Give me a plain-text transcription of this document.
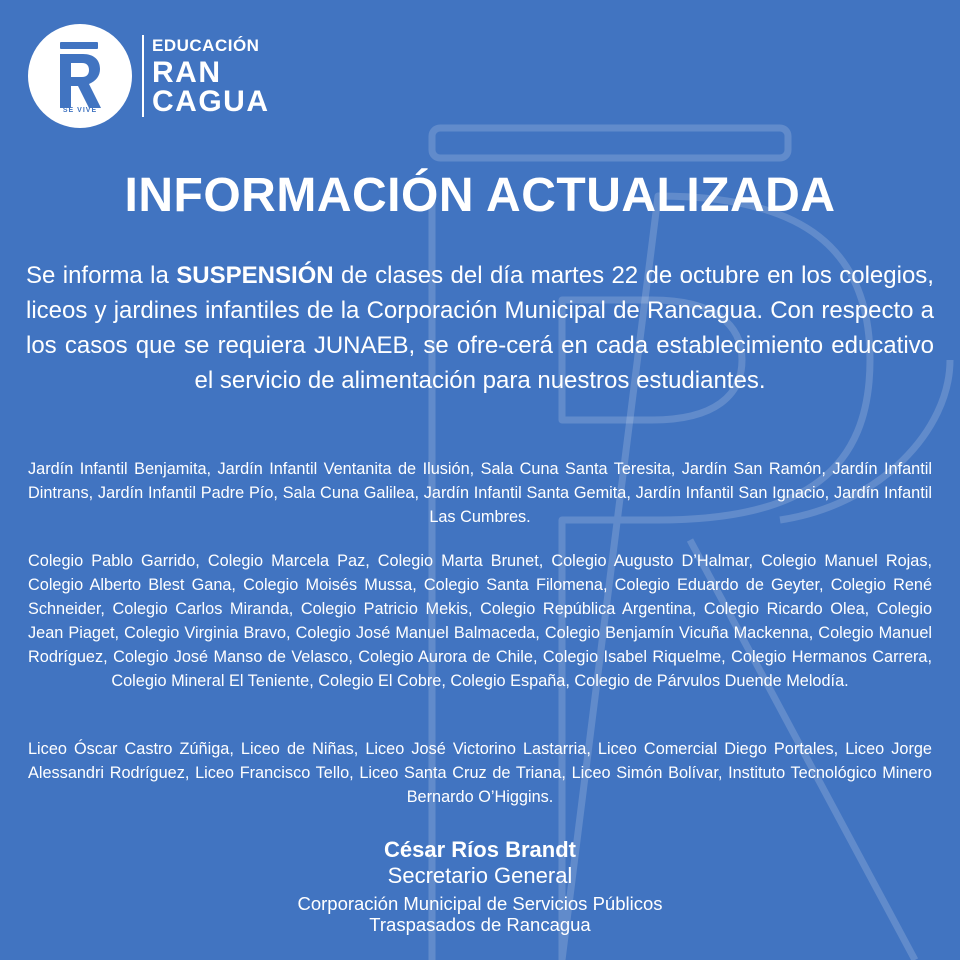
SE VIVE
EDUCACIÓN
RAN
CAGUA
INFORMACIÓN ACTUALIZADA

Se informa la SUSPENSIÓN de clases del día martes 22 de octubre en los colegios, liceos y jardines infantiles de la Corporación Municipal de Rancagua. Con respecto a los casos que se requiera JUNAEB, se ofre-cerá en cada establecimiento educativo el servicio de alimentación para nuestros estudiantes.

Jardín Infantil Benjamita, Jardín Infantil Ventanita de Ilusión, Sala Cuna Santa Teresita, Jardín San Ramón, Jardín Infantil Dintrans, Jardín Infantil Padre Pío, Sala Cuna Galilea, Jardín Infantil Santa Gemita, Jardín Infantil San Ignacio, Jardín Infantil Las Cumbres.

Colegio Pablo Garrido, Colegio Marcela Paz, Colegio Marta Brunet, Colegio Augusto D’Halmar, Colegio Manuel Rojas, Colegio Alberto Blest Gana, Colegio Moisés Mussa, Colegio Santa Filomena, Colegio Eduardo de Geyter, Colegio René Schneider, Colegio Carlos Miranda, Colegio Patricio Mekis, Colegio República Argentina, Colegio Ricardo Olea, Colegio Jean Piaget, Colegio Virginia Bravo, Colegio José Manuel Balmaceda, Colegio Benjamín Vicuña Mackenna, Colegio Manuel Rodríguez, Colegio José Manso de Velasco, Colegio Aurora de Chile, Colegio Isabel Riquelme, Colegio Hermanos Carrera, Colegio Mineral El Teniente, Colegio El Cobre, Colegio España, Colegio de Párvulos Duende Melodía.

Liceo Óscar Castro Zúñiga, Liceo de Niñas, Liceo José Victorino Lastarria, Liceo Comercial Diego Portales, Liceo Jorge Alessandri Rodríguez, Liceo Francisco Tello, Liceo Santa Cruz de Triana, Liceo Simón Bolívar, Instituto Tecnológico Minero Bernardo O’Higgins.

César Ríos Brandt
Secretario General
Corporación Municipal de Servicios Públicos
Traspasados de Rancagua
